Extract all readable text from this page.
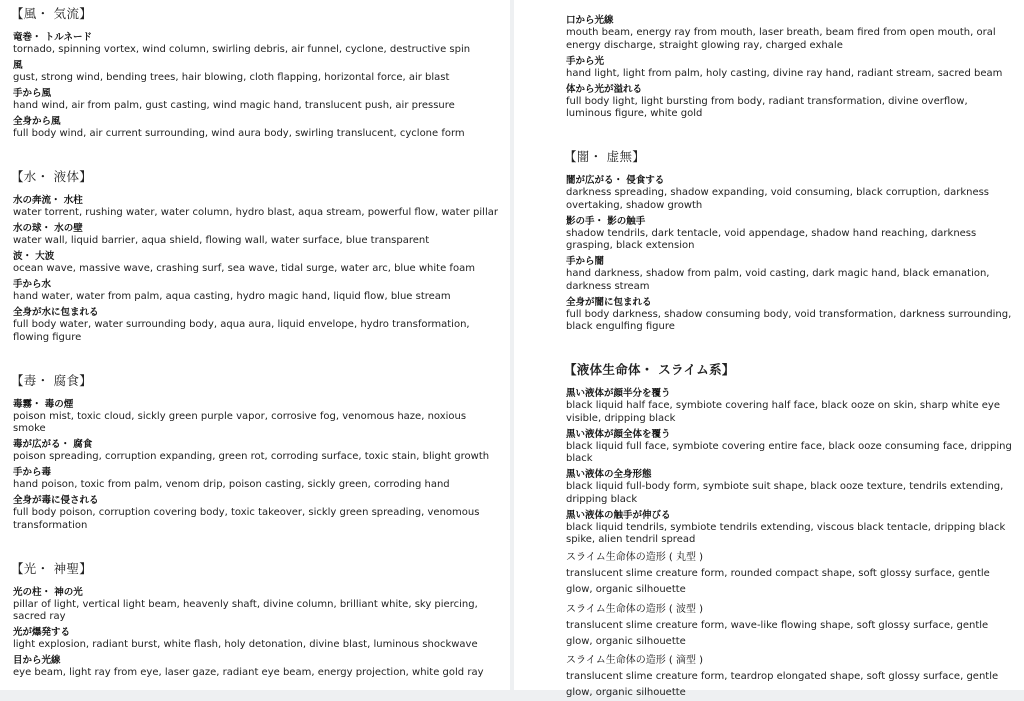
【風・ 気流】
竜巻・ トルネード
tornado, spinning vortex, wind column, swirling debris, air funnel, cyclone, destructive spin
風
gust, strong wind, bending trees, hair blowing, cloth flapping, horizontal force, air blast
手から風
hand wind, air from palm, gust casting, wind magic hand, translucent push, air pressure
全身から風
full body wind, air current surrounding, wind aura body, swirling translucent, cyclone form
【水・ 液体】
水の奔流・ 水柱
water torrent, rushing water, water column, hydro blast, aqua stream, powerful flow, water pillar
水の球・ 水の壁
water wall, liquid barrier, aqua shield, flowing wall, water surface, blue transparent
波・ 大波
ocean wave, massive wave, crashing surf, sea wave, tidal surge, water arc, blue white foam
手から水
hand water, water from palm, aqua casting, hydro magic hand, liquid flow, blue stream
全身が水に包まれる
full body water, water surrounding body, aqua aura, liquid envelope, hydro transformation, flowing figure
【毒・ 腐食】
毒霧・ 毒の煙
poison mist, toxic cloud, sickly green purple vapor, corrosive fog, venomous haze, noxious smoke
毒が広がる・ 腐食
poison spreading, corruption expanding, green rot, corroding surface, toxic stain, blight growth
手から毒
hand poison, toxic from palm, venom drip, poison casting, sickly green, corroding hand
全身が毒に侵される
full body poison, corruption covering body, toxic takeover, sickly green spreading, venomous transformation
【光・ 神聖】
光の柱・ 神の光
pillar of light, vertical light beam, heavenly shaft, divine column, brilliant white, sky piercing, sacred ray
光が爆発する
light explosion, radiant burst, white flash, holy detonation, divine blast, luminous shockwave
目から光線
eye beam, light ray from eye, laser gaze, radiant eye beam, energy projection, white gold ray
口から光線
mouth beam, energy ray from mouth, laser breath, beam fired from open mouth, oral energy discharge, straight glowing ray, charged exhale
手から光
hand light, light from palm, holy casting, divine ray hand, radiant stream, sacred beam
体から光が溢れる
full body light, light bursting from body, radiant transformation, divine overflow, luminous figure, white gold
【闇・ 虚無】
闇が広がる・ 侵食する
darkness spreading, shadow expanding, void consuming, black corruption, darkness overtaking, shadow growth
影の手・ 影の触手
shadow tendrils, dark tentacle, void appendage, shadow hand reaching, darkness grasping, black extension
手から闇
hand darkness, shadow from palm, void casting, dark magic hand, black emanation, darkness stream
全身が闇に包まれる
full body darkness, shadow consuming body, void transformation, darkness surrounding, black engulfing figure
【液体生命体・ スライム系】
黒い液体が顔半分を覆う
black liquid half face, symbiote covering half face, black ooze on skin, sharp white eye visible, dripping black
黒い液体が顔全体を覆う
black liquid full face, symbiote covering entire face, black ooze consuming face, dripping black
黒い液体の全身形態
black liquid full-body form, symbiote suit shape, black ooze texture, tendrils extending, dripping black
黒い液体の触手が伸びる
black liquid tendrils, symbiote tendrils extending, viscous black tentacle, dripping black spike, alien tendril spread
スライム生命体の造形 ( 丸型 )
translucent slime creature form, rounded compact shape, soft glossy surface, gentle glow, organic silhouette
スライム生命体の造形 ( 波型 )
translucent slime creature form, wave-like flowing shape, soft glossy surface, gentle glow, organic silhouette
スライム生命体の造形 ( 滴型 )
translucent slime creature form, teardrop elongated shape, soft glossy surface, gentle glow, organic silhouette
